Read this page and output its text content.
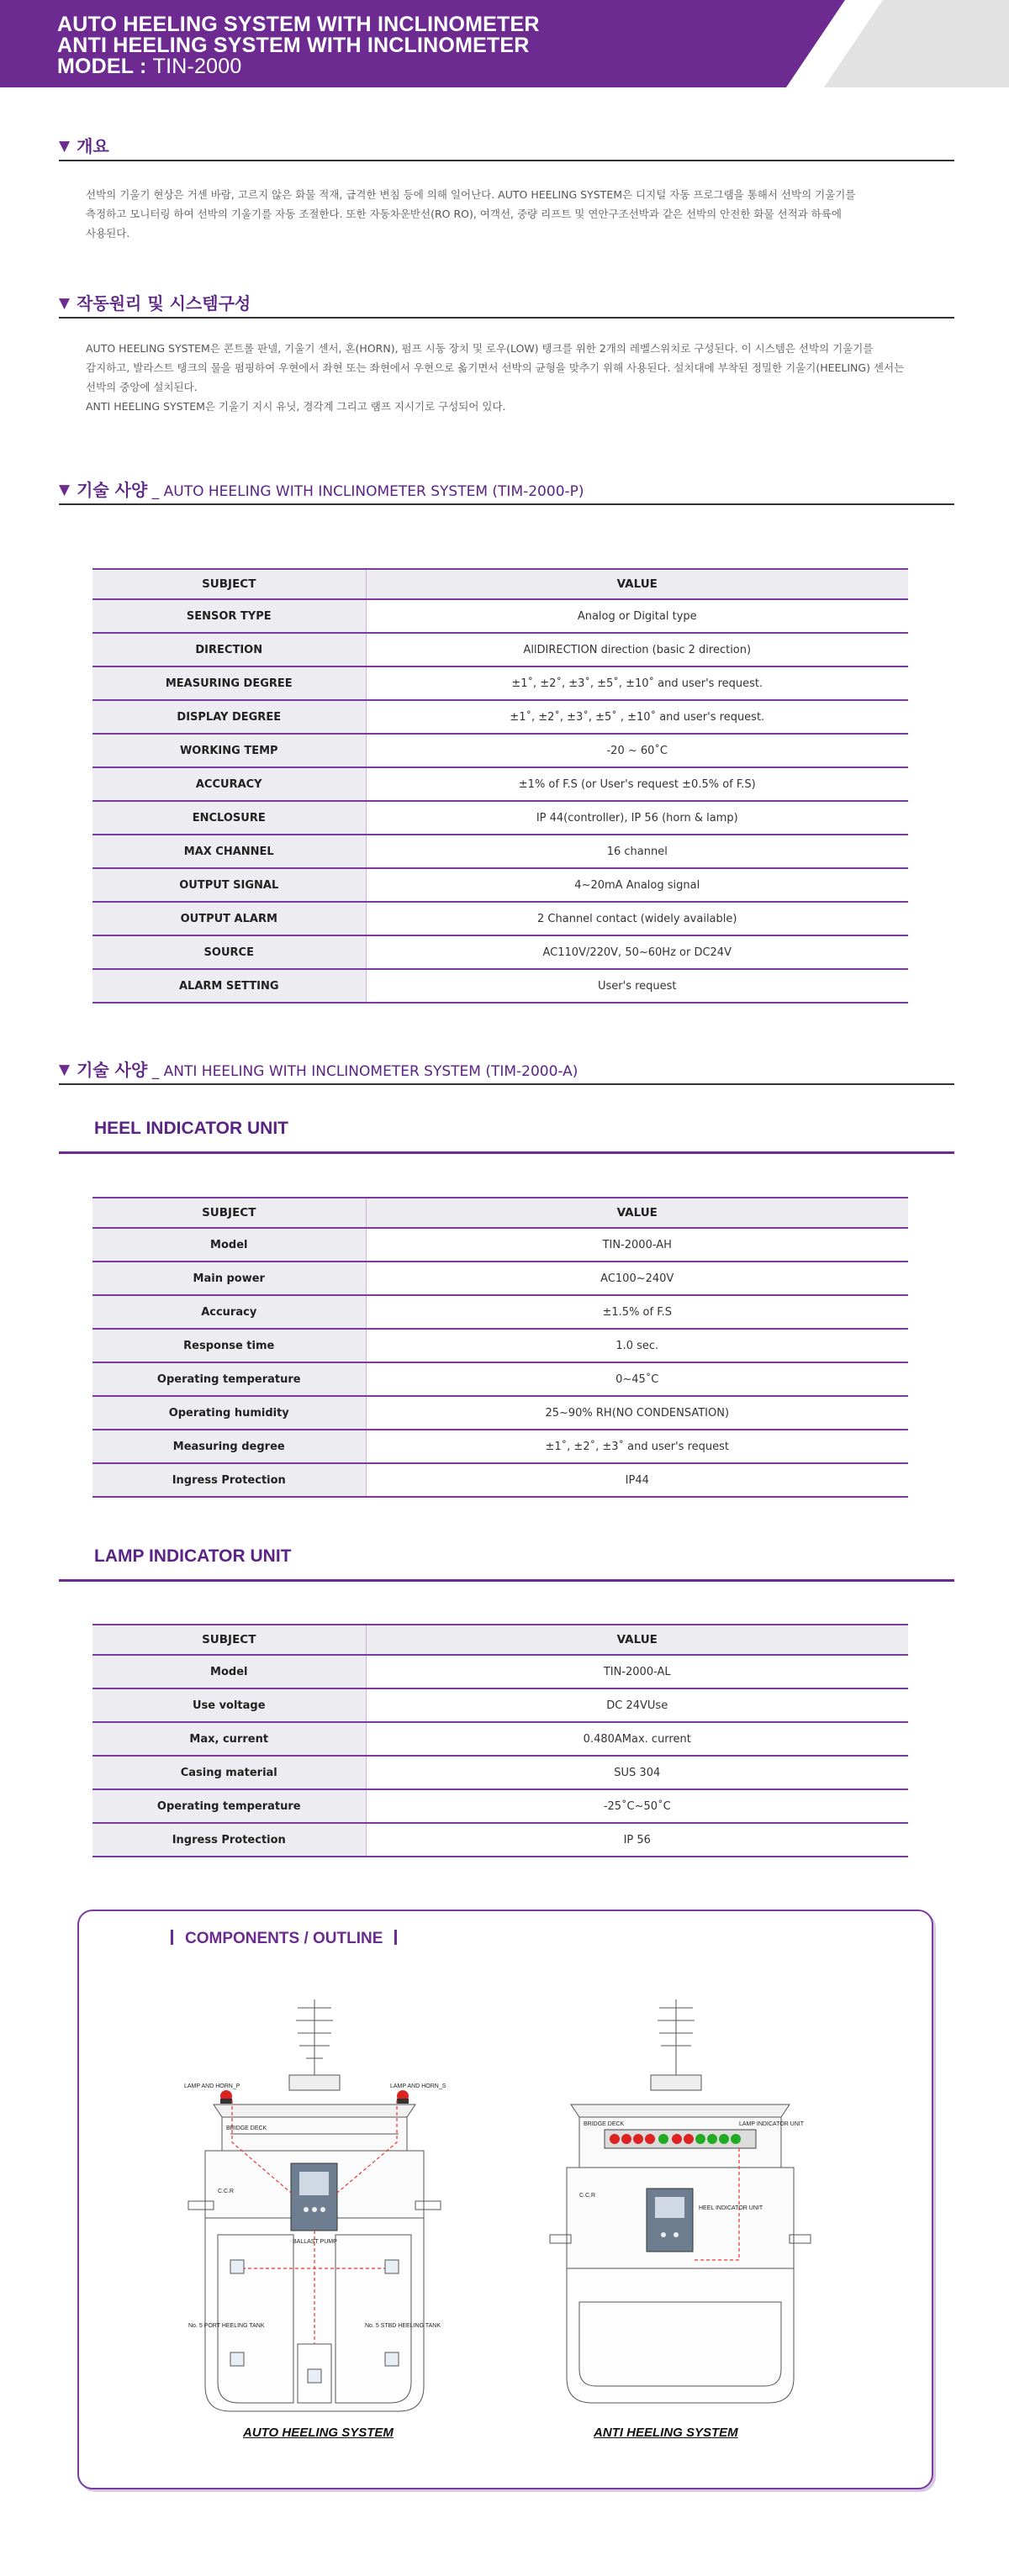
AUTO HEELING SYSTEM WITH INCLINOMETER
ANTI HEELING SYSTEM WITH INCLINOMETER
MODEL : TIN-2000
▼ 개요
선박의 기울기 현상은 거센 바람, 고르지 않은 화물 적재, 급격한 변침 등에 의해 일어난다. AUTO HEELING SYSTEM은 디지털 자동 프로그램을 통해서 선박의 기울기를
측정하고 모니터링 하여 선박의 기울기를 자동 조절한다. 또한 자동차운반선(RO RO), 여객선, 중량 리프트 및 연안구조선박과 같은 선박의 안전한 화물 선적과 하륙에
사용된다.
▼ 작동원리 및 시스템구성
AUTO HEELING SYSTEM은 콘트롤 판넬, 기울기 센서, 혼(HORN), 펌프 시동 장치 및 로우(LOW) 탱크를 위한 2개의 레벨스위치로 구성된다. 이 시스템은 선박의 기울기를
감지하고, 발라스트 탱크의 물을 펌핑하여 우현에서 좌현 또는 좌현에서 우현으로 옮기면서 선박의 균형을 맞추기 위해 사용된다. 설치대에 부착된 정밀한 기울기(HEELING) 센서는
선박의 중앙에 설치된다.
ANTI HEELING SYSTEM은 기울기 지시 유닛, 경각계 그리고 램프 지시기로 구성되어 있다.
▼ 기술 사양 _ AUTO HEELING WITH INCLINOMETER SYSTEM (TIM-2000-P)
SUBJECT	VALUE
SENSOR TYPE	Analog or Digital type
DIRECTION	AllDIRECTION direction (basic 2 direction)
MEASURING DEGREE	±1˚, ±2˚, ±3˚, ±5˚, ±10˚ and user's request.
DISPLAY DEGREE	±1˚, ±2˚, ±3˚, ±5˚ , ±10˚ and user's request.
WORKING TEMP	-20 ~ 60˚C
ACCURACY	±1% of F.S (or User's request ±0.5% of F.S)
ENCLOSURE	IP 44(controller), IP 56 (horn & lamp)
MAX CHANNEL	16 channel
OUTPUT SIGNAL	4~20mA Analog signal
OUTPUT ALARM	2 Channel contact (widely available)
SOURCE	AC110V/220V, 50~60Hz or DC24V
ALARM SETTING	User's request
▼ 기술 사양 _ ANTI HEELING WITH INCLINOMETER SYSTEM (TIM-2000-A)
HEEL INDICATOR UNIT
SUBJECT	VALUE
Model	TIN-2000-AH
Main power	AC100~240V
Accuracy	±1.5% of F.S
Response time	1.0 sec.
Operating temperature	0~45˚C
Operating humidity	25~90% RH(NO CONDENSATION)
Measuring degree	±1˚, ±2˚, ±3˚ and user's request
Ingress Protection	IP44
LAMP INDICATOR UNIT
SUBJECT	VALUE
Model	TIN-2000-AL
Use voltage	DC 24VUse
Max, current	0.480AMax. current
Casing material	SUS 304
Operating temperature	-25˚C~50˚C
Ingress Protection	IP 56
COMPONENTS / OUTLINE
LAMP AND HORN_P	LAMP AND HORN_S
BRIDGE DECK
C.C.R
BALLAST PUMP
No. 5 PORT HEELING TANK	No. 5 STBD HEELING TANK
AUTO HEELING SYSTEM
BRIDGE DECK	LAMP INDICATOR UNIT
C.C.R
HEEL INDICATOR UNIT
ANTI HEELING SYSTEM
